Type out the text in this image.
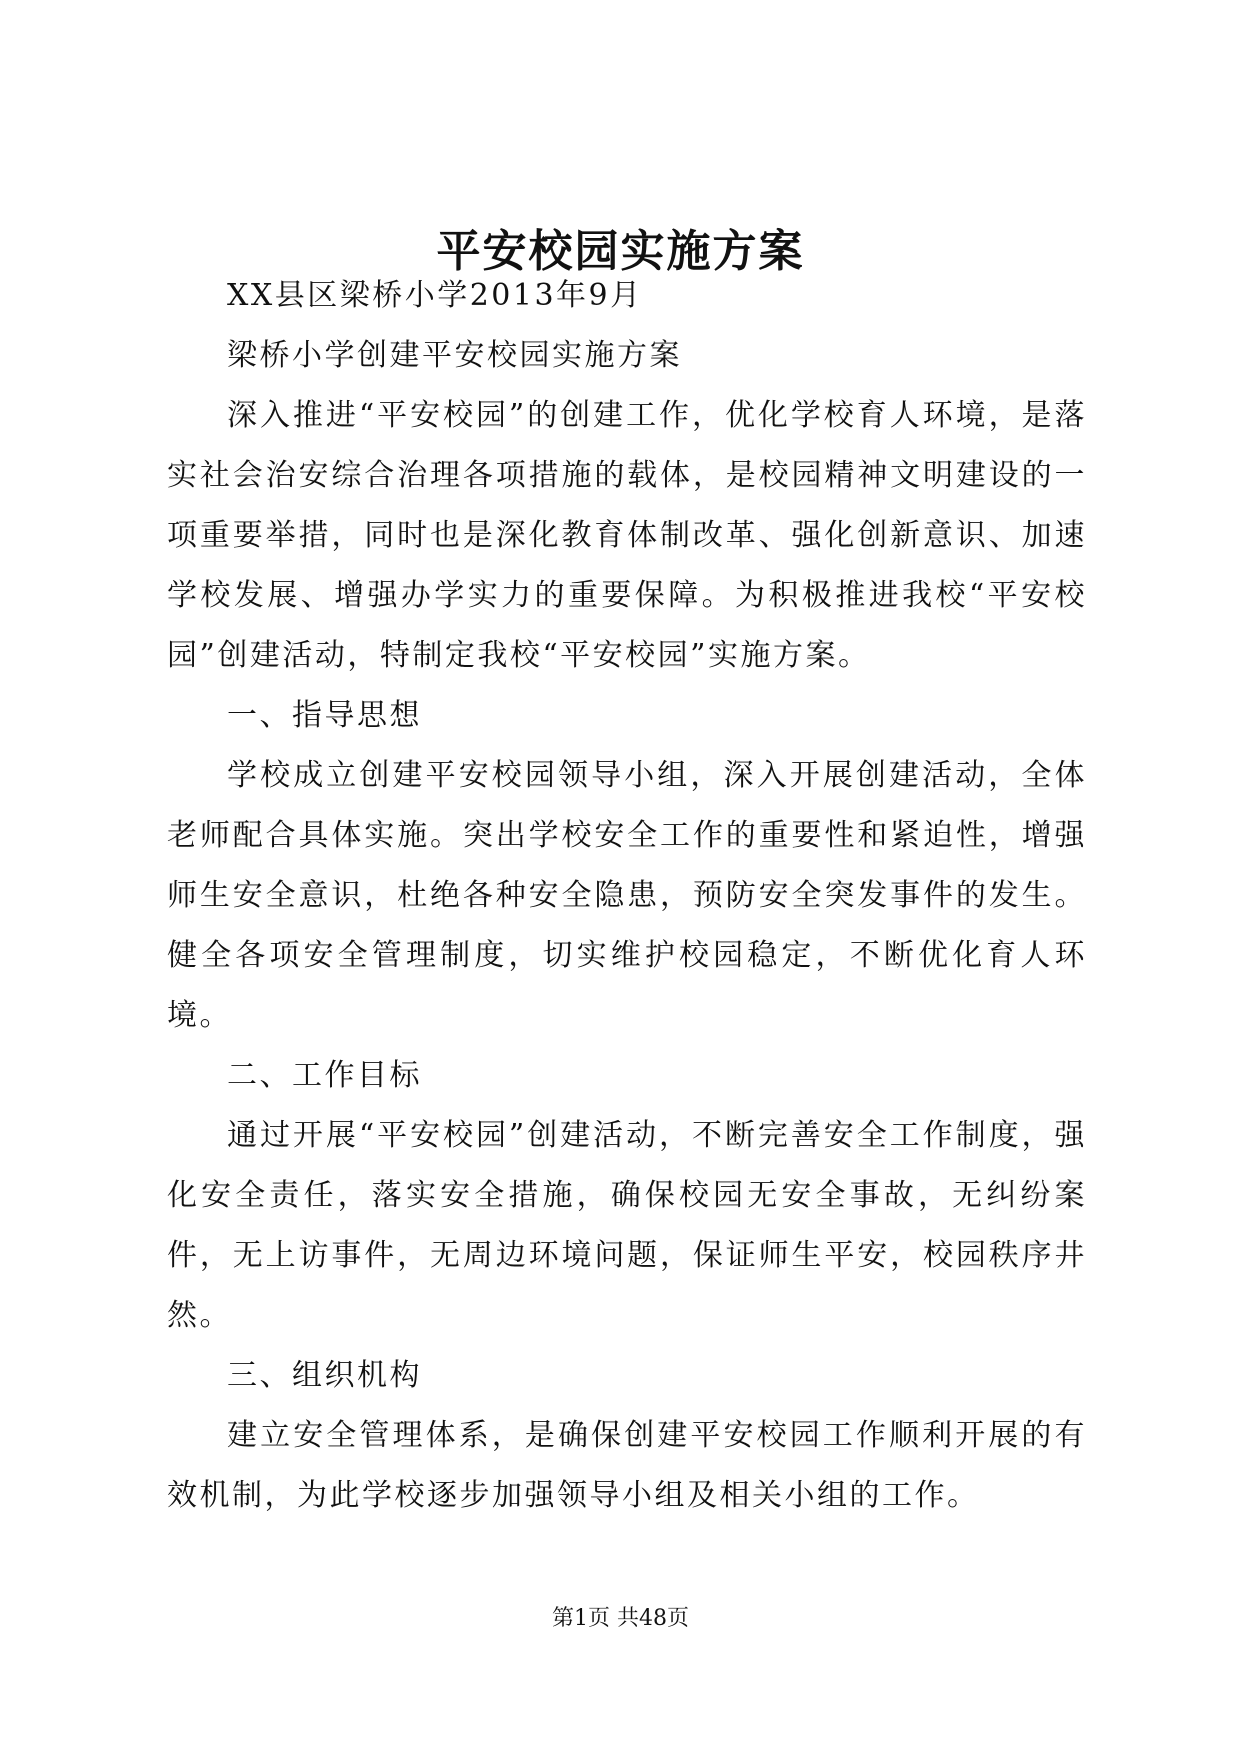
平安校园实施方案

XX县区梁桥小学2013年9月

梁桥小学创建平安校园实施方案

深入推进“平安校园”的创建工作，优化学校育人环境，是落实社会治安综合治理各项措施的载体，是校园精神文明建设的一项重要举措，同时也是深化教育体制改革、强化创新意识、加速学校发展、增强办学实力的重要保障。为积极推进我校“平安校园”创建活动，特制定我校“平安校园”实施方案。

一、指导思想

学校成立创建平安校园领导小组，深入开展创建活动，全体老师配合具体实施。突出学校安全工作的重要性和紧迫性，增强师生安全意识，杜绝各种安全隐患，预防安全突发事件的发生。健全各项安全管理制度，切实维护校园稳定，不断优化育人环境。

二、工作目标

通过开展“平安校园”创建活动，不断完善安全工作制度，强化安全责任，落实安全措施，确保校园无安全事故，无纠纷案件，无上访事件，无周边环境问题，保证师生平安，校园秩序井然。

三、组织机构

建立安全管理体系，是确保创建平安校园工作顺利开展的有效机制，为此学校逐步加强领导小组及相关小组的工作。

第1页 共48页
